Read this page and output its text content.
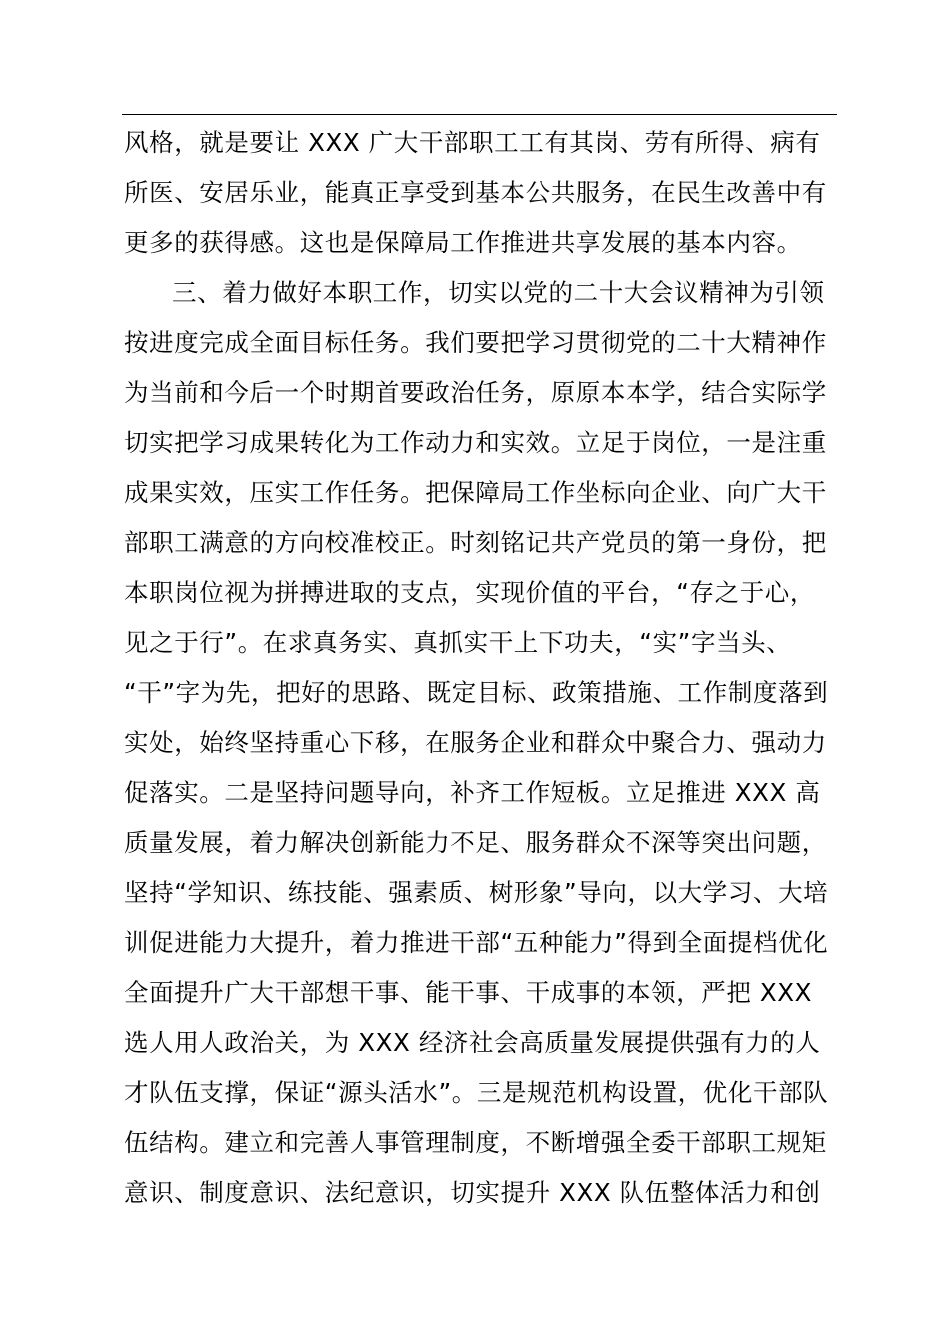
风格，就是要让 XXX 广大干部职工工有其岗、劳有所得、病有
所医、安居乐业，能真正享受到基本公共服务，在民生改善中有
更多的获得感。这也是保障局工作推进共享发展的基本内容。
三、着力做好本职工作，切实以党的二十大会议精神为引领
按进度完成全面目标任务。我们要把学习贯彻党的二十大精神作
为当前和今后一个时期首要政治任务，原原本本学，结合实际学
切实把学习成果转化为工作动力和实效。立足于岗位，一是注重
成果实效，压实工作任务。把保障局工作坐标向企业、向广大干
部职工满意的方向校准校正。时刻铭记共产党员的第一身份，把
本职岗位视为拼搏进取的支点，实现价值的平台，“存之于心，
见之于行”。在求真务实、真抓实干上下功夫，“实”字当头、
“干”字为先，把好的思路、既定目标、政策措施、工作制度落到
实处，始终坚持重心下移，在服务企业和群众中聚合力、强动力
促落实。二是坚持问题导向，补齐工作短板。立足推进 XXX 高
质量发展，着力解决创新能力不足、服务群众不深等突出问题，
坚持“学知识、练技能、强素质、树形象”导向，以大学习、大培
训促进能力大提升，着力推进干部“五种能力”得到全面提档优化
全面提升广大干部想干事、能干事、干成事的本领，严把 XXX
选人用人政治关，为 XXX 经济社会高质量发展提供强有力的人
才队伍支撑，保证“源头活水”。三是规范机构设置，优化干部队
伍结构。建立和完善人事管理制度，不断增强全委干部职工规矩
意识、制度意识、法纪意识，切实提升 XXX 队伍整体活力和创
